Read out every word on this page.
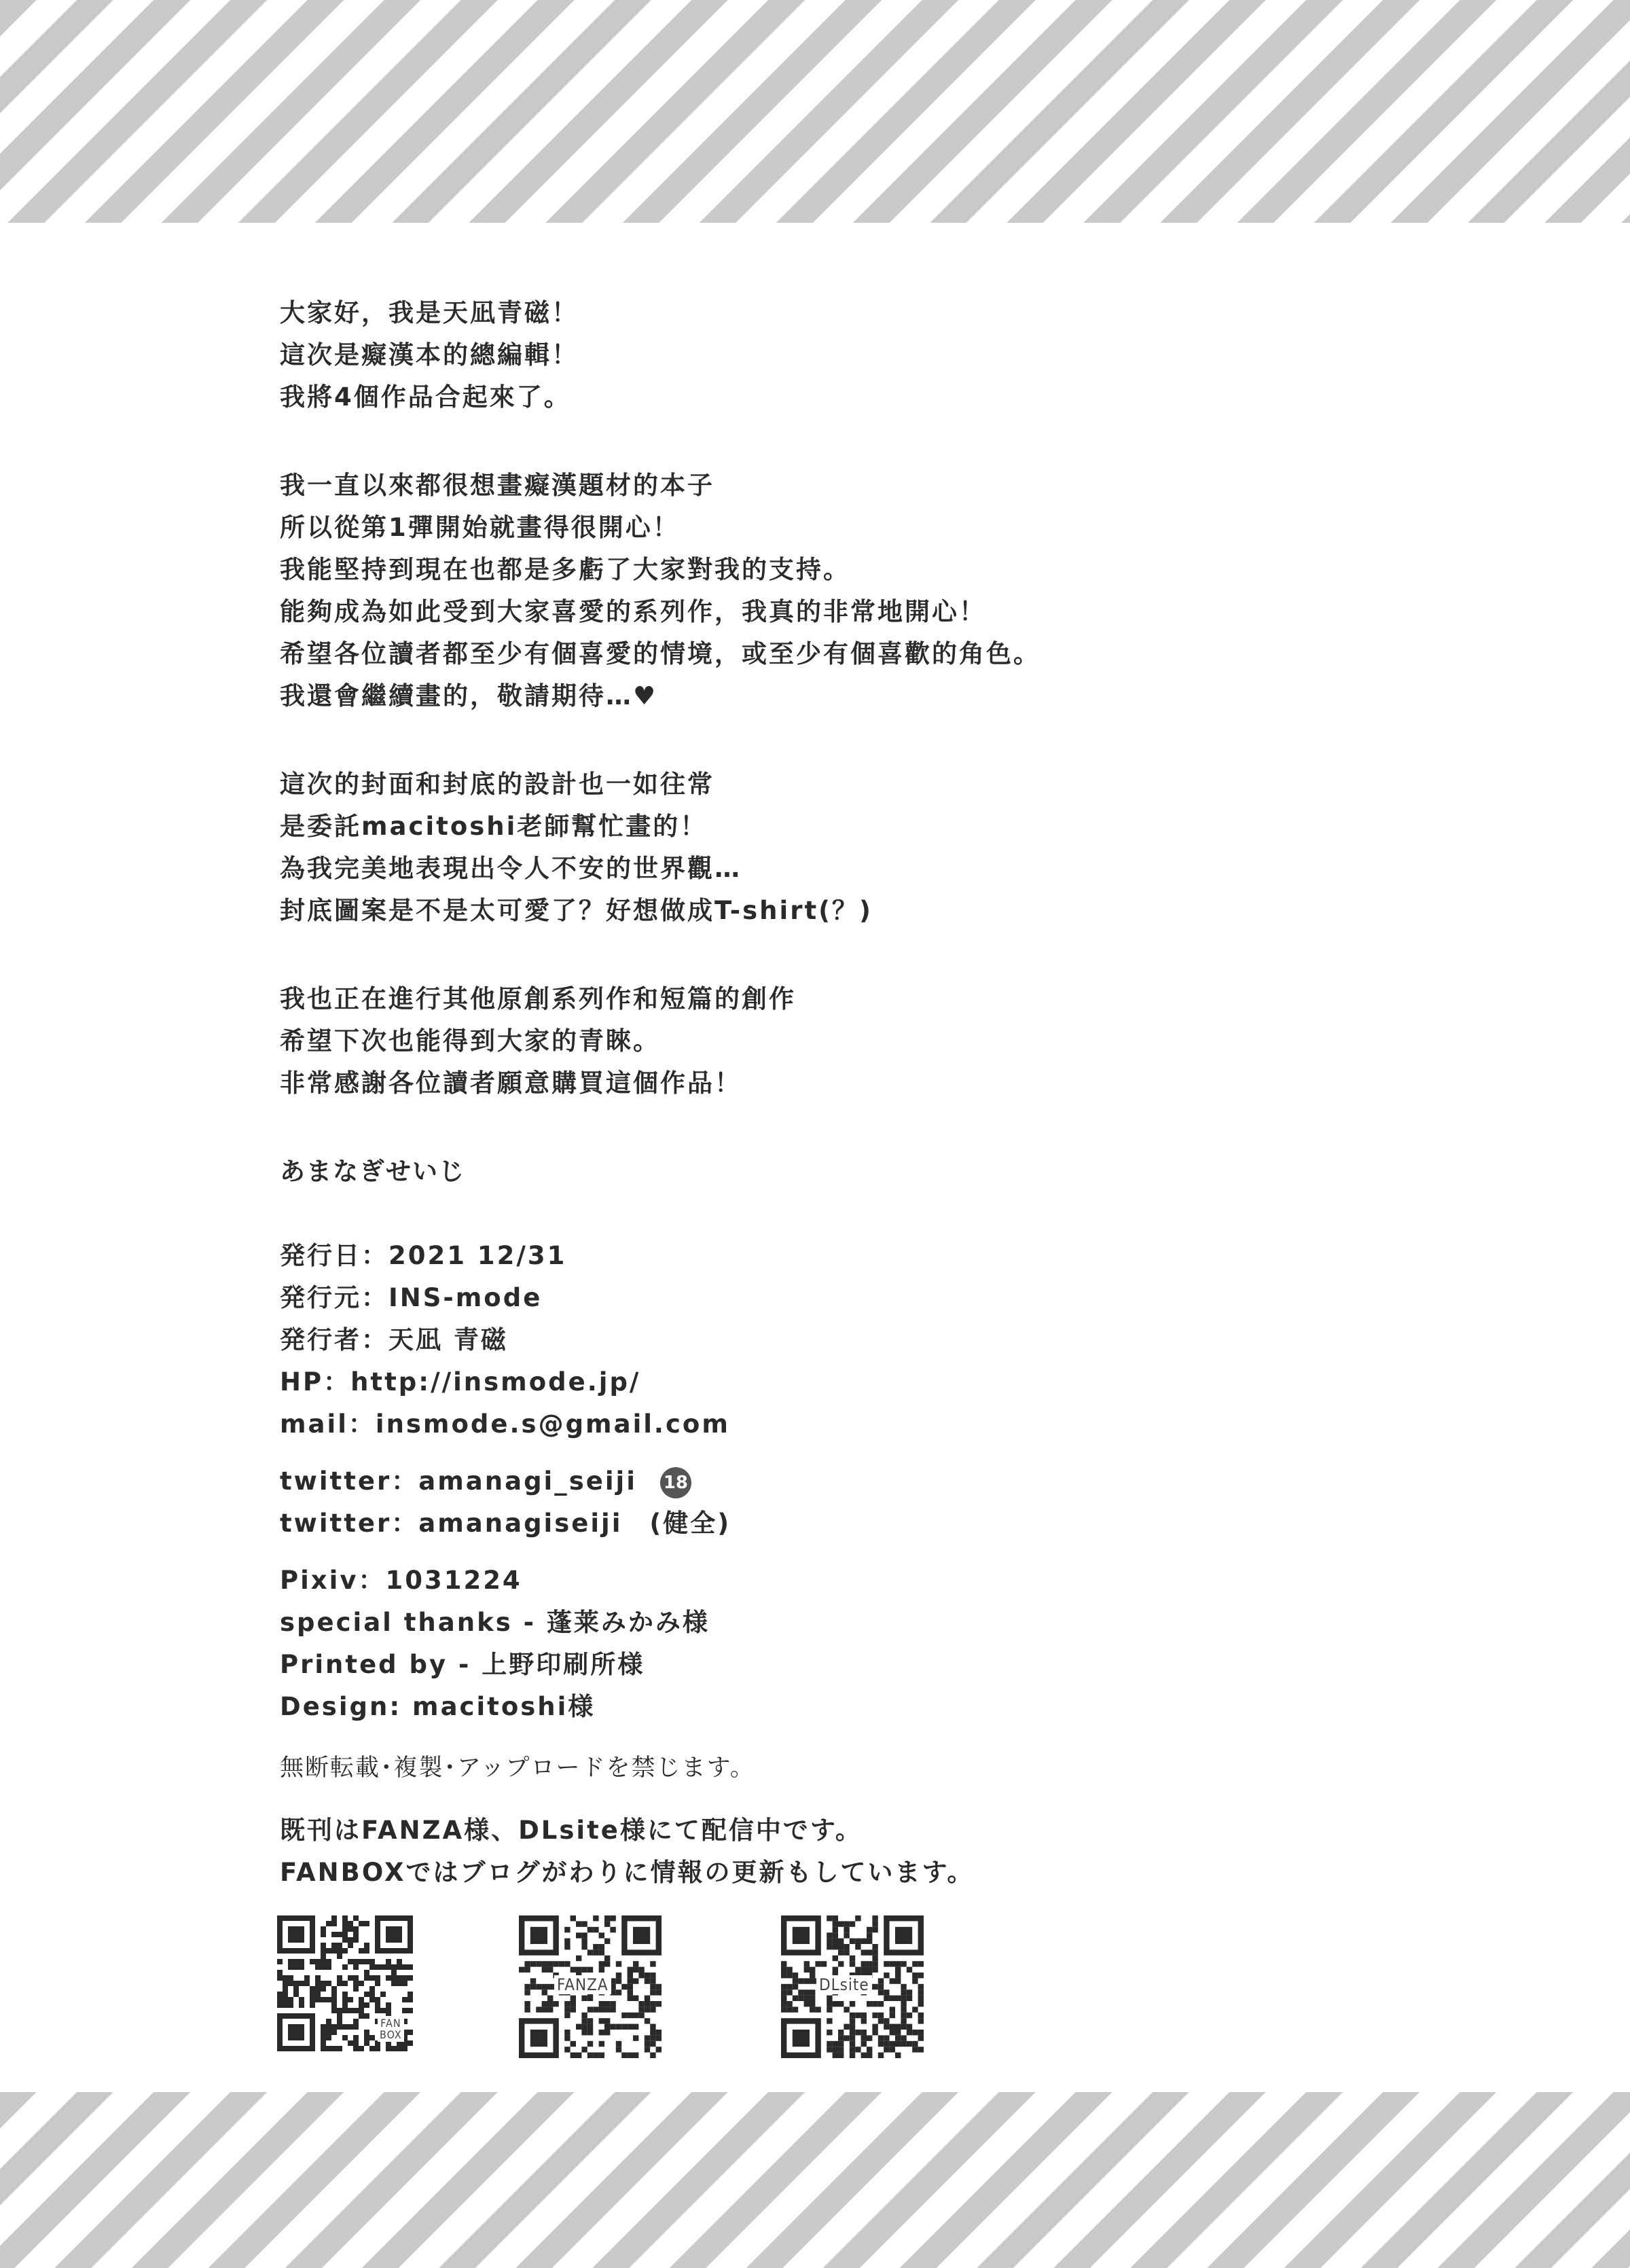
大家好，我是天凪青磁！
這次是癡漢本的總編輯！
我將4個作品合起來了。
我一直以來都很想畫癡漢題材的本子
所以從第1彈開始就畫得很開心！
我能堅持到現在也都是多虧了大家對我的支持。
能夠成為如此受到大家喜愛的系列作，我真的非常地開心！
希望各位讀者都至少有個喜愛的情境，或至少有個喜歡的角色。
我還會繼續畫的，敬請期待…♥
這次的封面和封底的設計也一如往常
是委託macitoshi老師幫忙畫的！
為我完美地表現出令人不安的世界觀…
封底圖案是不是太可愛了？好想做成T-shirt(？)
我也正在進行其他原創系列作和短篇的創作
希望下次也能得到大家的青睞。
非常感謝各位讀者願意購買這個作品！
あまなぎせいじ
発行日：2021 12/31
発行元：INS-mode
発行者：天凪 青磁
HP：http://insmode.jp/
mail：insmode.s@gmail.com
twitter：amanagi_seiji 18
twitter：amanagiseiji　(健全)
Pixiv：1031224
special thanks - 蓬莱みかみ様
Printed by - 上野印刷所様
Design: macitoshi様
無断転載･複製･アップロードを禁じます。
既刊はFANZA様、DLsite様にて配信中です。
FANBOXではブログがわりに情報の更新もしています。
FAN
BOX
FANZA	DLsite
